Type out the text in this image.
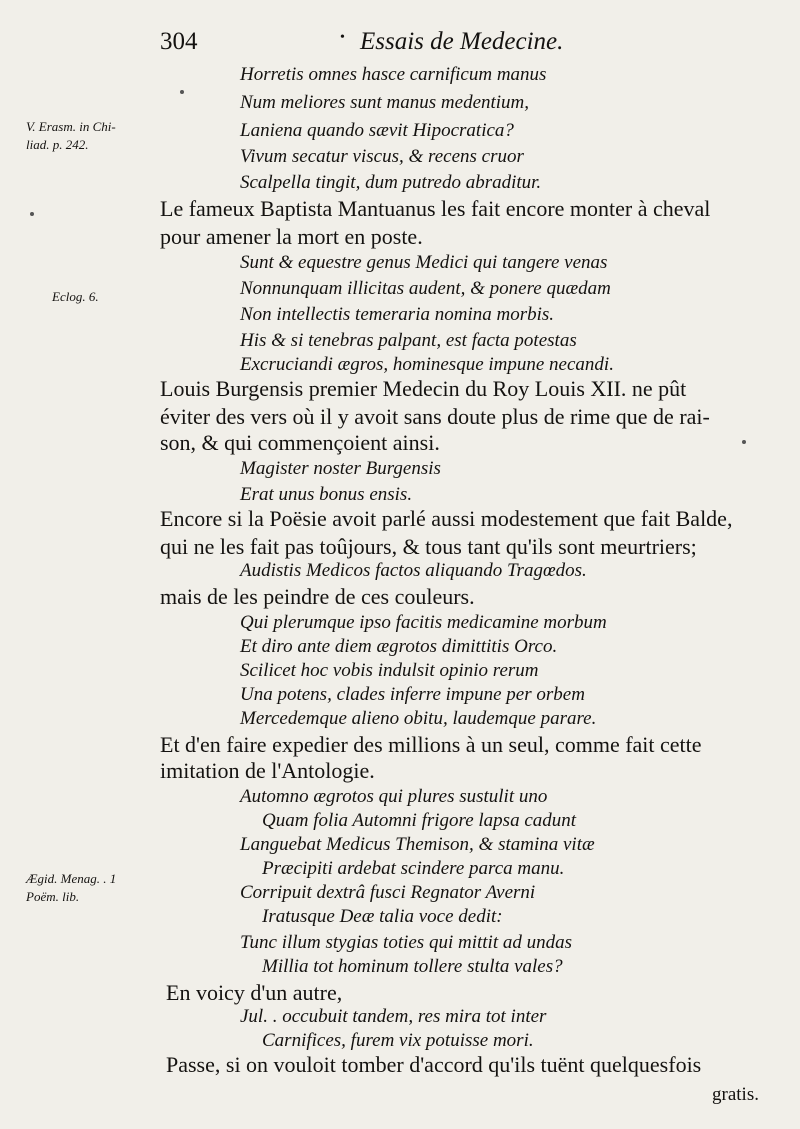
304	• Essais de Medecine.
V. Erasm. in Chi-
liad. p. 242.
Eclog. 6.
Ægid. Menag. . 1
Poëm. lib.
Horretis omnes hasce carnificum manus
Num meliores sunt manus medentium,
Laniena quando sævit Hipocratica?
Vivum secatur viscus, & recens cruor
Scalpella tingit, dum putredo abraditur.
Le fameux Baptista Mantuanus les fait encore monter à cheval
pour amener la mort en poste.
Sunt & equestre genus Medici qui tangere venas
Nonnunquam illicitas audent, & ponere quædam
Non intellectis temeraria nomina morbis.
His & si tenebras palpant, est facta potestas
Excruciandi ægros, hominesque impune necandi.
Louis Burgensis premier Medecin du Roy Louis XII. ne pût
éviter des vers où il y avoit sans doute plus de rime que de rai-
son, & qui commençoient ainsi.
Magister noster Burgensis
Erat unus bonus ensis.
Encore si la Poësie avoit parlé aussi modestement que fait Balde,
qui ne les fait pas toûjours, & tous tant qu'ils sont meurtriers;
Audistis Medicos factos aliquando Tragœdos.
mais de les peindre de ces couleurs.
Qui plerumque ipso facitis medicamine morbum
Et diro ante diem ægrotos dimittitis Orco.
Scilicet hoc vobis indulsit opinio rerum
Una potens, clades inferre impune per orbem
Mercedemque alieno obitu, laudemque parare.
Et d'en faire expedier des millions à un seul, comme fait cette
imitation de l'Antologie.
Automno ægrotos qui plures sustulit uno
Quam folia Automni frigore lapsa cadunt
Languebat Medicus Themison, & stamina vitæ
Præcipiti ardebat scindere parca manu.
Corripuit dextrâ fusci Regnator Averni
Iratusque Deæ talia voce dedit:
Tunc illum stygias toties qui mittit ad undas
Millia tot hominum tollere stulta vales?
En voicy d'un autre,
Jul. . occubuit tandem, res mira tot inter
Carnifices, furem vix potuisse mori.
Passe, si on vouloit tomber d'accord qu'ils tuënt quelquesfois
gratis.
